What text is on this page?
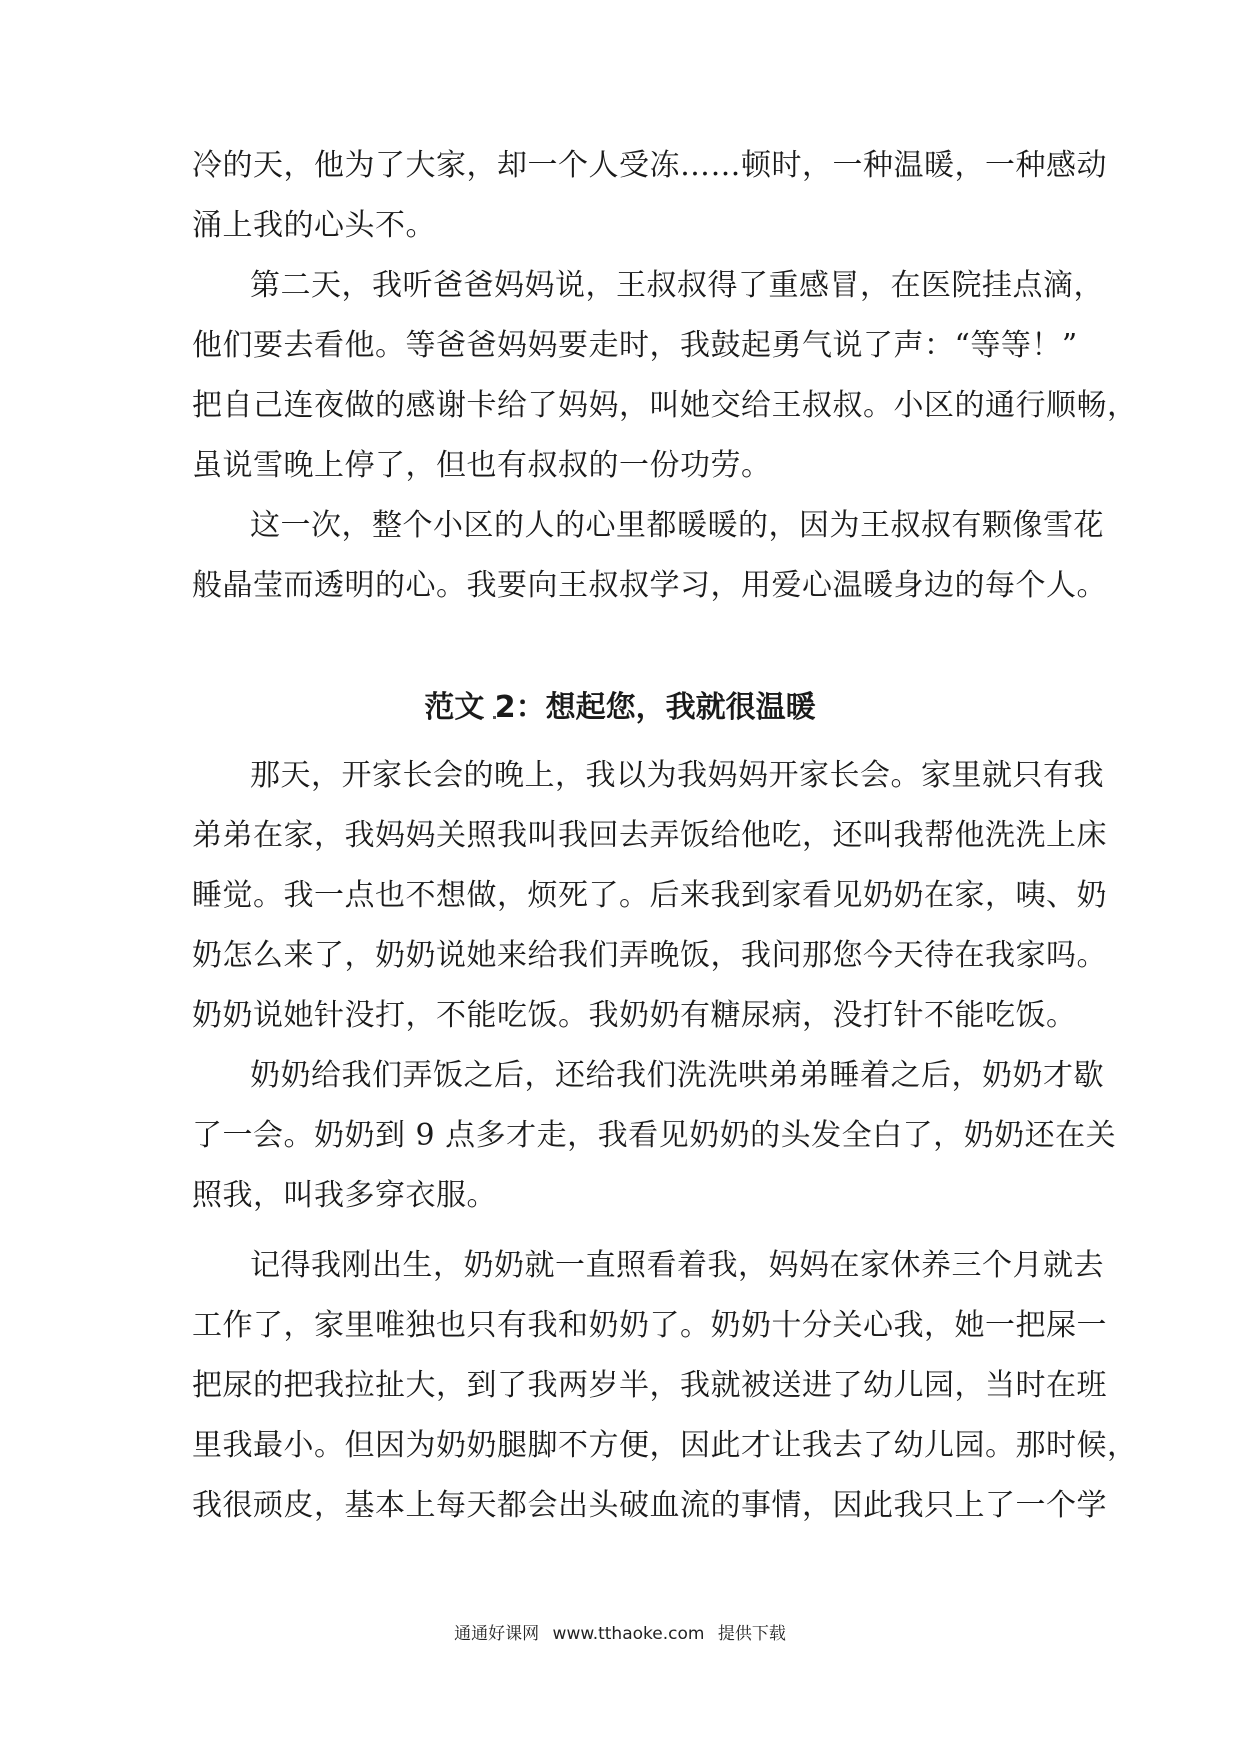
冷的天，他为了大家，却一个人受冻……顿时，一种温暖，一种感动
涌上我的心头不。
第二天，我听爸爸妈妈说，王叔叔得了重感冒，在医院挂点滴，
他们要去看他。等爸爸妈妈要走时，我鼓起勇气说了声：“等等！”
把自己连夜做的感谢卡给了妈妈，叫她交给王叔叔。小区的通行顺畅，
虽说雪晚上停了，但也有叔叔的一份功劳。
这一次，整个小区的人的心里都暖暖的，因为王叔叔有颗像雪花
般晶莹而透明的心。我要向王叔叔学习，用爱心温暖身边的每个人。
范文 2：想起您，我就很温暖
那天，开家长会的晚上，我以为我妈妈开家长会。家里就只有我
弟弟在家，我妈妈关照我叫我回去弄饭给他吃，还叫我帮他洗洗上床
睡觉。我一点也不想做，烦死了。后来我到家看见奶奶在家，咦、奶
奶怎么来了，奶奶说她来给我们弄晚饭，我问那您今天待在我家吗。
奶奶说她针没打，不能吃饭。我奶奶有糖尿病，没打针不能吃饭。
奶奶给我们弄饭之后，还给我们洗洗哄弟弟睡着之后，奶奶才歇
了一会。奶奶到 9 点多才走，我看见奶奶的头发全白了，奶奶还在关
照我，叫我多穿衣服。
记得我刚出生，奶奶就一直照看着我，妈妈在家休养三个月就去
工作了，家里唯独也只有我和奶奶了。奶奶十分关心我，她一把屎一
把尿的把我拉扯大，到了我两岁半，我就被送进了幼儿园，当时在班
里我最小。但因为奶奶腿脚不方便，因此才让我去了幼儿园。那时候，
我很顽皮，基本上每天都会出头破血流的事情，因此我只上了一个学
通通好课网 www.tthaoke.com 提供下载
